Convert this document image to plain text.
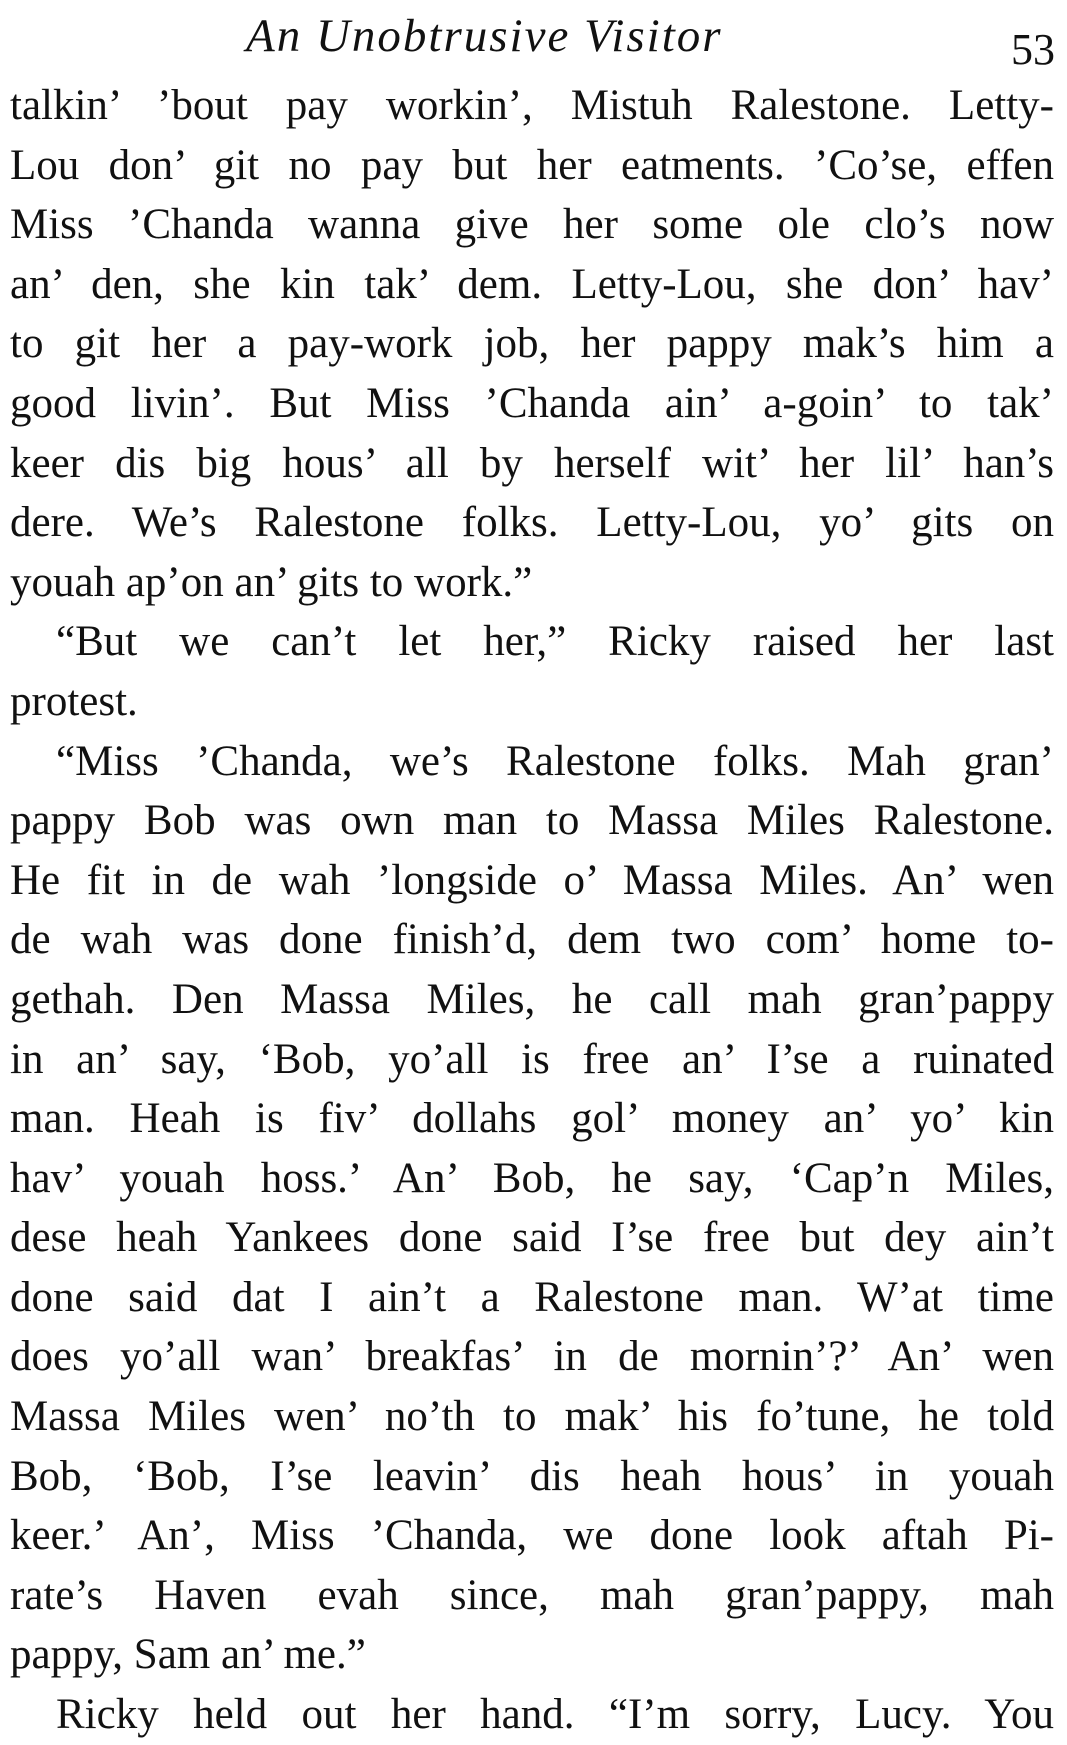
An Unobtrusive Visitor	53
talkin’ ’bout pay workin’, Mistuh Ralestone. Letty-
Lou don’ git no pay but her eatments. ’Co’se, effen
Miss ’Chanda wanna give her some ole clo’s now
an’ den, she kin tak’ dem. Letty-Lou, she don’ hav’
to git her a pay-work job, her pappy mak’s him a
good livin’. But Miss ’Chanda ain’ a-goin’ to tak’
keer dis big hous’ all by herself wit’ her lil’ han’s
dere. We’s Ralestone folks. Letty-Lou, yo’ gits on
youah ap’on an’ gits to work.”
“But we can’t let her,” Ricky raised her last
protest.
“Miss ’Chanda, we’s Ralestone folks. Mah gran’
pappy Bob was own man to Massa Miles Ralestone.
He fit in de wah ’longside o’ Massa Miles. An’ wen
de wah was done finish’d, dem two com’ home to-
gethah. Den Massa Miles, he call mah gran’pappy
in an’ say, ‘Bob, yo’all is free an’ I’se a ruinated
man. Heah is fiv’ dollahs gol’ money an’ yo’ kin
hav’ youah hoss.’ An’ Bob, he say, ‘Cap’n Miles,
dese heah Yankees done said I’se free but dey ain’t
done said dat I ain’t a Ralestone man. W’at time
does yo’all wan’ breakfas’ in de mornin’?’ An’ wen
Massa Miles wen’ no’th to mak’ his fo’tune, he told
Bob, ‘Bob, I’se leavin’ dis heah hous’ in youah
keer.’ An’, Miss ’Chanda, we done look aftah Pi-
rate’s Haven evah since, mah gran’pappy, mah
pappy, Sam an’ me.”
Ricky held out her hand. “I’m sorry, Lucy. You
